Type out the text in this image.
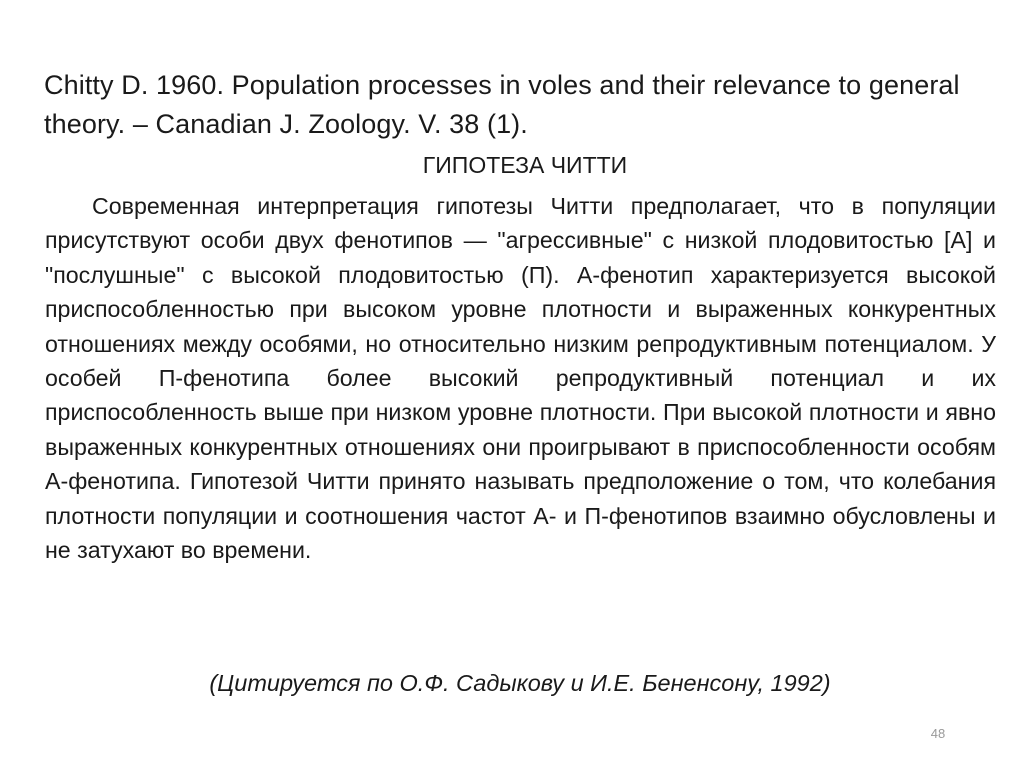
Chitty D. 1960. Population processes in voles and their relevance to general theory. – Canadian J. Zoology. V. 38 (1).
ГИПОТЕЗА ЧИТТИ

Современная интерпретация гипотезы Читти предполагает, что в популяции присутствуют особи двух фенотипов — "агрессивные" с низкой плодовитостью [А] и "послушные" с высокой плодовитостью (П). А-фенотип характеризуется высокой приспособленностью при высоком уровне плотности и выраженных конкурентных отношениях между особями, но относительно низким репродуктивным потенциалом. У особей П-фенотипа более высокий репродуктивный потенциал и их приспособленность выше при низком уровне плотности. При высокой плотности и явно выраженных конкурентных отношениях они проигрывают в приспособленности особям А-фенотипа. Гипотезой Читти принято называть предположение о том, что колебания плотности популяции и соотношения частот А- и П-фенотипов взаимно обусловлены и не затухают во времени.

(Цитируется по О.Ф. Садыкову и И.Е. Бененсону, 1992)
48
